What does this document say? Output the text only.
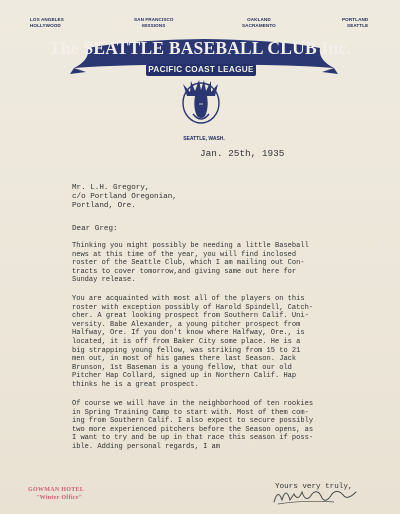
LOS ANGELES
HOLLYWOOD
SAN FRANCISCO
MISSIONS
OAKLAND
SACRAMENTO
PORTLAND
SEATTLE
The SEATTLE BASEBALL CLUB Inc.
PACIFIC COAST LEAGUE
SEATTLE, WASH.
Jan. 25th, 1935
Mr. L.H. Gregory,
c/o Portland Oregonian,
Portland, Ore.
Dear Greg:
Thinking you might possibly be needing a little Baseball
news at this time of the year, you will find inclosed
roster of the Seattle Club, which I am mailing out Con-
tracts to cover tomorrow,and giving same out here for
Sunday release.
You are acquainted with most all of the players on this
roster with exception possibly of Harold Spindell, Catch-
cher. A great looking prospect from Southern Calif. Uni-
versity. Babe Alexander, a young pitcher prospect from
Halfway, Ore. If you don't know where Halfway, Ore., is
located, it is off from Baker City some place. He is a
big strapping young fellow, was striking from 15 to 21
men out, in most of his games there last Season. Jack
Brunson, 1st Baseman is a young fellow, that our old
Pitcher Hap Collard, signed up in Northern Calif. Hap
thinks he is a great prospect.
Of course we will have in the neighborhood of ten rookies
in Spring Training Camp to start with. Most of them com-
ing from Southern Calif. I also expect to secure possibly
two more experienced pitchers before the Season opens, as
I want to try and be up in that race this season if poss-
ible. Adding personal regards, I am
Yours very truly,
GOWMAN HOTEL
"Winter Office"
